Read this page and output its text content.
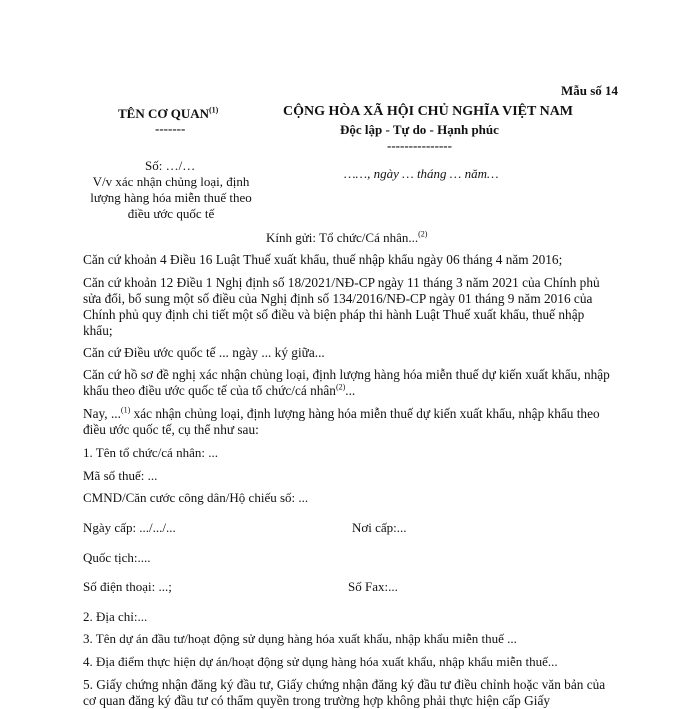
Mẫu số 14
TÊN CƠ QUAN$^{(1)}$
-------
CỘNG HÒA XÃ HỘI CHỦ NGHĨA VIỆT NAM
Độc lập - Tự do - Hạnh phúc
---------------
Số: …/…
V/v xác nhận chủng loại, định
lượng hàng hóa miễn thuế theo
điều ước quốc tế
……, ngày … tháng … năm…
Kính gửi: Tổ chức/Cá nhân...$^{(2)}$
Căn cứ khoản 4 Điều 16 Luật Thuế xuất khẩu, thuế nhập khẩu ngày 06 tháng 4 năm 2016;
Căn cứ khoản 12 Điều 1 Nghị định số 18/2021/NĐ-CP ngày 11 tháng 3 năm 2021 của Chính phủ sửa đổi, bổ sung một số điều của Nghị định số 134/2016/NĐ-CP ngày 01 tháng 9 năm 2016 của Chính phủ quy định chi tiết một số điều và biện pháp thi hành Luật Thuế xuất khẩu, thuế nhập khẩu;
Căn cứ Điều ước quốc tế ... ngày ... ký giữa...
Căn cứ hồ sơ đề nghị xác nhận chủng loại, định lượng hàng hóa miễn thuế dự kiến xuất khẩu, nhập khẩu theo điều ước quốc tế của tổ chức/cá nhân$^{(2)}$...
Nay, ...$^{(1)}$ xác nhận chủng loại, định lượng hàng hóa miễn thuế dự kiến xuất khẩu, nhập khẩu theo điều ước quốc tế, cụ thể như sau:
1. Tên tổ chức/cá nhân: ...
Mã số thuế: ...
CMND/Căn cước công dân/Hộ chiếu số: ...
Ngày cấp: .../.../...	Nơi cấp:...
Quốc tịch:....
Số điện thoại: ...;	Số Fax:...
2. Địa chỉ:...
3. Tên dự án đầu tư/hoạt động sử dụng hàng hóa xuất khẩu, nhập khẩu miễn thuế ...
4. Địa điểm thực hiện dự án/hoạt động sử dụng hàng hóa xuất khẩu, nhập khẩu miễn thuế...
5. Giấy chứng nhận đăng ký đầu tư, Giấy chứng nhận đăng ký đầu tư điều chỉnh hoặc văn bản của cơ quan đăng ký đầu tư có thẩm quyền trong trường hợp không phải thực hiện cấp Giấy
